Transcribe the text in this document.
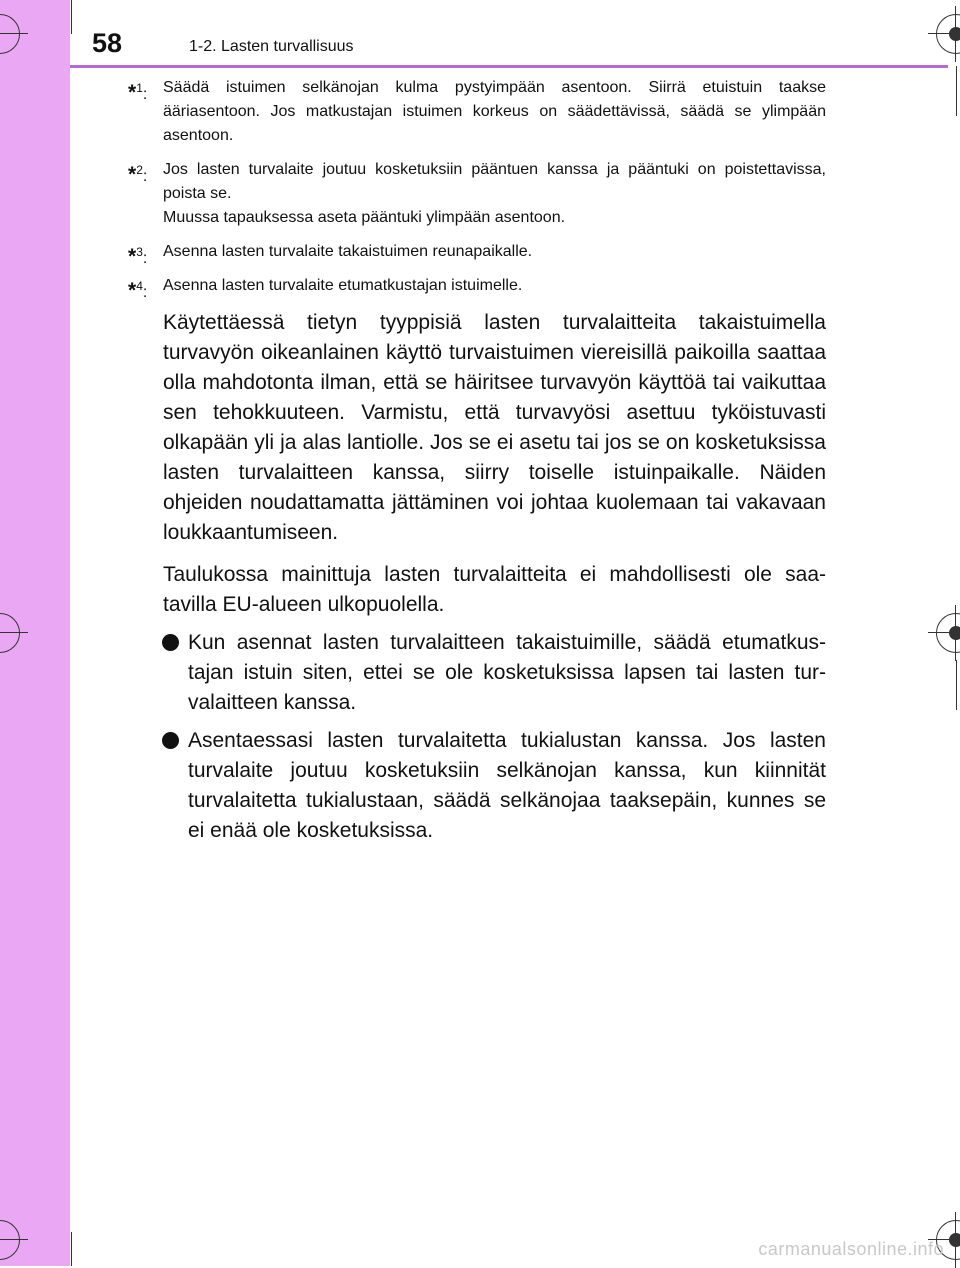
58	1-2. Lasten turvallisuus
*$^1$: Säädä istuimen selkänojan kulma pystyimpään asentoon. Siirrä etuistuin taakse ääriasentoon. Jos matkustajan istuimen korkeus on säädettävissä, säädä se ylimpään asentoon.

*$^2$: Jos lasten turvalaite joutuu kosketuksiin pääntuen kanssa ja pääntuki on poistettavissa, poista se.

Muussa tapauksessa aseta pääntuki ylimpään asentoon.

*$^3$: Asenna lasten turvalaite takaistuimen reunapaikalle.

*$^4$: Asenna lasten turvalaite etumatkustajan istuimelle.

Käytettäessä tietyn tyyppisiä lasten turvalaitteita takaistuimella turvavyön oikeanlainen käyttö turvaistuimen viereisillä paikoilla saattaa olla mahdotonta ilman, että se häiritsee turvavyön käyttöä tai vaikuttaa sen tehokkuuteen. Varmistu, että turvavyösi asettuu tyköistuvasti olkapään yli ja alas lantiolle. Jos se ei asetu tai jos se on kosketuksissa lasten turvalaitteen kanssa, siirry toiselle istuinpaikalle. Näiden ohjeiden noudattamatta jättäminen voi johtaa kuolemaan tai vakavaan loukkaantumiseen.
Taulukossa mainittuja lasten turvalaitteita ei mahdollisesti ole saa-tavilla EU-alueen ulkopuolella.
Kun asennat lasten turvalaitteen takaistuimille, säädä etumatkus-tajan istuin siten, ettei se ole kosketuksissa lapsen tai lasten tur-valaitteen kanssa.
Asentaessasi lasten turvalaitetta tukialustan kanssa. Jos lasten turvalaite joutuu kosketuksiin selkänojan kanssa, kun kiinnität turvalaitetta tukialustaan, säädä selkänojaa taaksepäin, kunnes se ei enää ole kosketuksissa.
carmanualsonline.info
